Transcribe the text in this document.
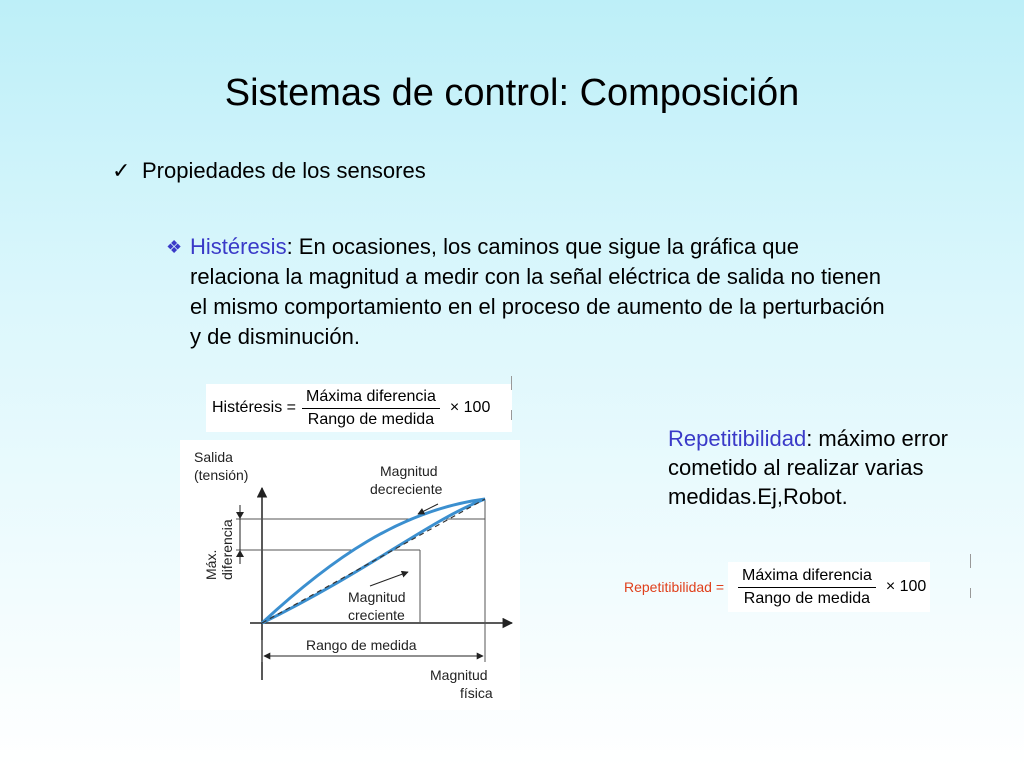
Sistemas de control: Composición
✓ Propiedades de los sensores
❖ Histéresis: En ocasiones, los caminos que sigue la gráfica que relaciona la magnitud a medir con la señal eléctrica de salida no tienen el mismo comportamiento en el proceso de aumento de la perturbación y de disminución.
Histéresis = $\frac{\text{Máxima diferencia}}{\text{Rango de medida}} \times 100$
Repetitibilidad: máximo error cometido al realizar varias medidas.Ej,Robot.
Repetitibilidad = $\frac{\text{Máxima diferencia}}{\text{Rango de medida}} \times 100$
Salida
(tensión)
Máx. diferencia
Magnitud
decreciente
Magnitud
creciente
Rango de medida
Magnitud
física
